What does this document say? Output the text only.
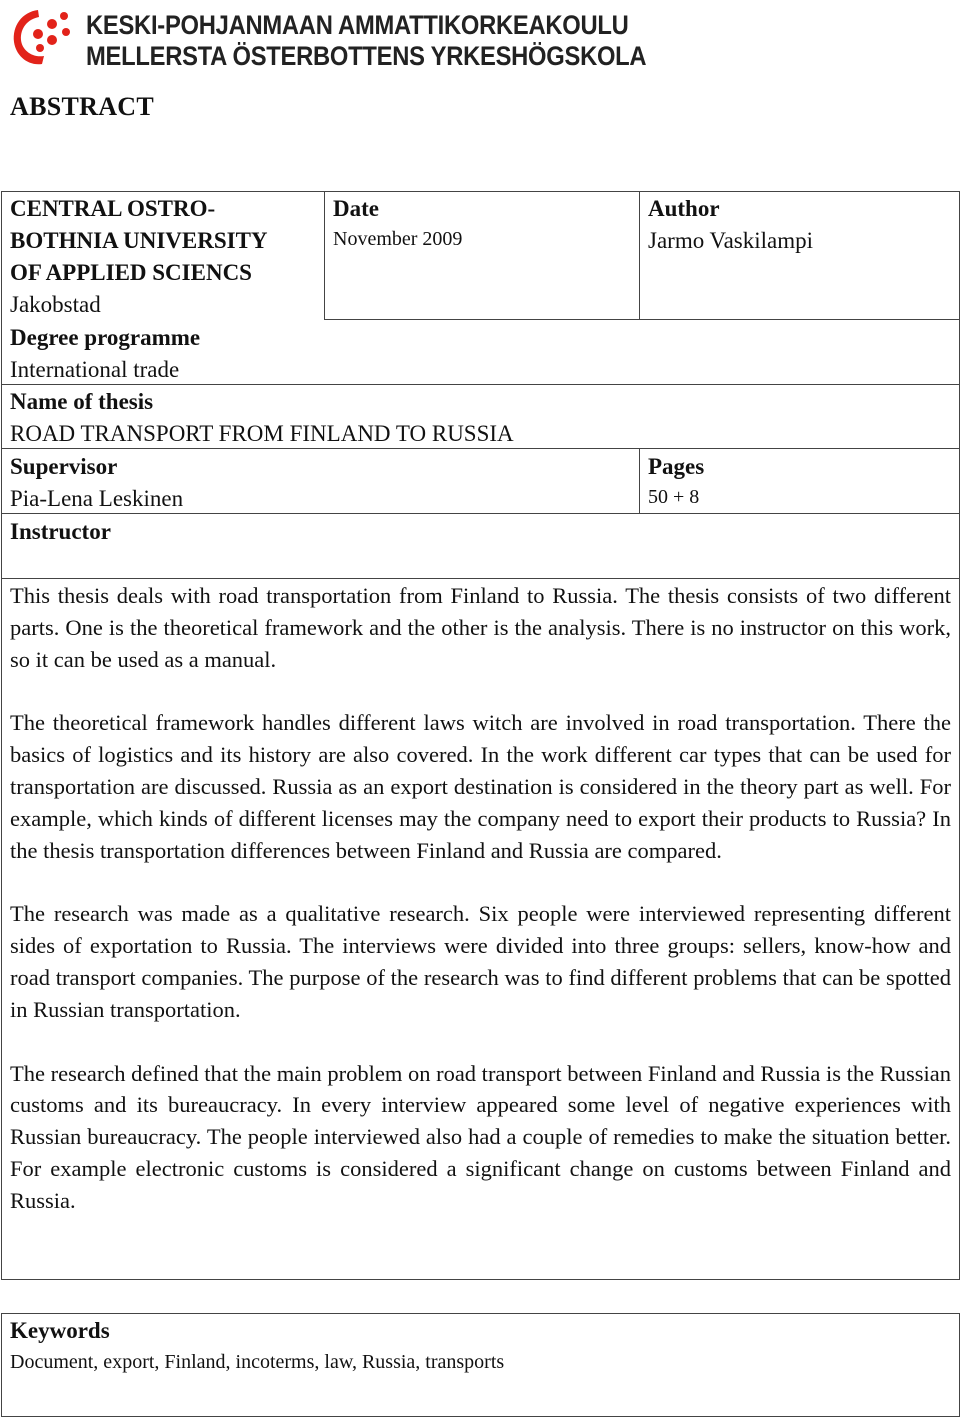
KESKI-POHJANMAAN AMMATTIKORKEAKOULU
MELLERSTA ÖSTERBOTTENS YRKESHÖGSKOLA
ABSTRACT
CENTRAL OSTRO-
BOTHNIA UNIVERSITY
OF APPLIED SCIENCS
Jakobstad
Date
November 2009
Author
Jarmo Vaskilampi
Degree programme
International trade
Name of thesis
ROAD TRANSPORT FROM FINLAND TO RUSSIA
Supervisor
Pia-Lena Leskinen
Pages
50 + 8
Instructor

This thesis deals with road transportation from Finland to Russia. The thesis consists of two different parts. One is the theoretical framework and the other is the analysis. There is no instructor on this work, so it can be used as a manual.

The theoretical framework handles different laws witch are involved in road transportation. There the basics of logistics and its history are also covered. In the work different car types that can be used for transportation are discussed. Russia as an export destination is considered in the theory part as well. For example, which kinds of different licenses may the company need to export their products to Russia? In the thesis transportation differences between Finland and Russia are compared.

The research was made as a qualitative research. Six people were interviewed representing different sides of exportation to Russia. The interviews were divided into three groups: sellers, know-how and road transport companies. The purpose of the research was to find different problems that can be spotted in Russian transportation.

The research defined that the main problem on road transport between Finland and Russia is the Russian customs and its bureaucracy. In every interview appeared some level of negative experiences with Russian bureaucracy. The people interviewed also had a couple of remedies to make the situation better. For example electronic customs is considered a significant change on customs between Finland and Russia.

Keywords
Document, export, Finland, incoterms, law, Russia, transports
